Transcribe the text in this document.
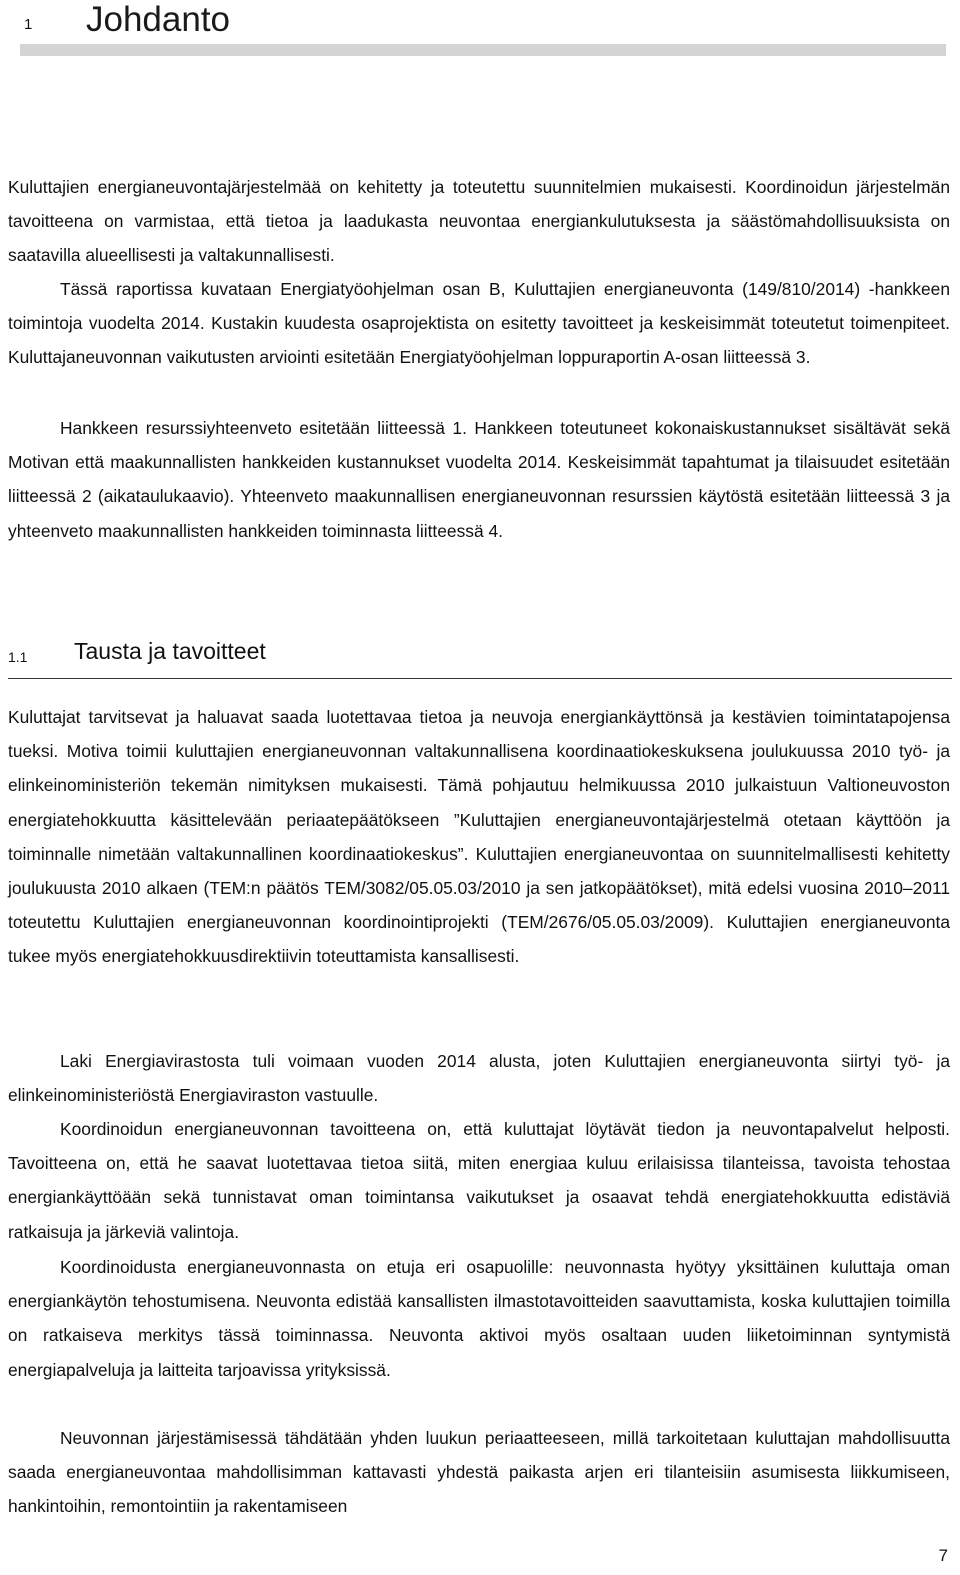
1 Johdanto

Kuluttajien energianeuvontajärjestelmää on kehitetty ja toteutettu suunnitelmien mukaisesti. Koordinoidun järjestelmän tavoitteena on varmistaa, että tietoa ja laadukasta neuvontaa energiankulutuksesta ja säästömahdollisuuksista on saatavilla alueellisesti ja valtakunnallisesti.

Tässä raportissa kuvataan Energiatyöohjelman osan B, Kuluttajien energianeuvonta (149/810/2014) -hankkeen toimintoja vuodelta 2014. Kustakin kuudesta osaprojektista on esitetty tavoitteet ja keskeisimmät toteutetut toimenpiteet. Kuluttajaneuvonnan vaikutusten arviointi esitetään Energiatyöohjelman loppuraportin A-osan liitteessä 3.

Hankkeen resurssiyhteenveto esitetään liitteessä 1. Hankkeen toteutuneet kokonaiskustannukset sisältävät sekä Motivan että maakunnallisten hankkeiden kustannukset vuodelta 2014. Keskeisimmät tapahtumat ja tilaisuudet esitetään liitteessä 2 (aikataulukaavio). Yhteenveto maakunnallisen energianeuvonnan resurssien käytöstä esitetään liitteessä 3 ja yhteenveto maakunnallisten hankkeiden toiminnasta liitteessä 4.

1.1 Tausta ja tavoitteet

Kuluttajat tarvitsevat ja haluavat saada luotettavaa tietoa ja neuvoja energiankäyttönsä ja kestävien toimintatapojensa tueksi. Motiva toimii kuluttajien energianeuvonnan valtakunnallisena koordinaatiokeskuksena joulukuussa 2010 työ- ja elinkeinoministeriön tekemän nimityksen mukaisesti. Tämä pohjautuu helmikuussa 2010 julkaistuun Valtioneuvoston energiatehokkuutta käsittelevään periaatepäätökseen ”Kuluttajien energianeuvontajärjestelmä otetaan käyttöön ja toiminnalle nimetään valtakunnallinen koordinaatiokeskus”. Kuluttajien energianeuvontaa on suunnitelmallisesti kehitetty joulukuusta 2010 alkaen (TEM:n päätös TEM/3082/05.05.03/2010 ja sen jatkopäätökset), mitä edelsi vuosina 2010–2011 toteutettu Kuluttajien energianeuvonnan koordinointiprojekti (TEM/2676/05.05.03/2009). Kuluttajien energianeuvonta tukee myös energiatehokkuusdirektiivin toteuttamista kansallisesti.

Laki Energiavirastosta tuli voimaan vuoden 2014 alusta, joten Kuluttajien energianeuvonta siirtyi työ- ja elinkeinoministeriöstä Energiaviraston vastuulle.

Koordinoidun energianeuvonnan tavoitteena on, että kuluttajat löytävät tiedon ja neuvontapalvelut helposti. Tavoitteena on, että he saavat luotettavaa tietoa siitä, miten energiaa kuluu erilaisissa tilanteissa, tavoista tehostaa energiankäyttöään sekä tunnistavat oman toimintansa vaikutukset ja osaavat tehdä energiatehokkuutta edistäviä ratkaisuja ja järkeviä valintoja.

Koordinoidusta energianeuvonnasta on etuja eri osapuolille: neuvonnasta hyötyy yksittäinen kuluttaja oman energiankäytön tehostumisena. Neuvonta edistää kansallisten ilmastotavoitteiden saavuttamista, koska kuluttajien toimilla on ratkaiseva merkitys tässä toiminnassa. Neuvonta aktivoi myös osaltaan uuden liiketoiminnan syntymistä energiapalveluja ja laitteita tarjoavissa yrityksissä.

Neuvonnan järjestämisessä tähdätään yhden luukun periaatteeseen, millä tarkoitetaan kuluttajan mahdollisuutta saada energianeuvontaa mahdollisimman kattavasti yhdestä paikasta arjen eri tilanteisiin asumisesta liikkumiseen, hankintoihin, remontointiin ja rakentamiseen

7
